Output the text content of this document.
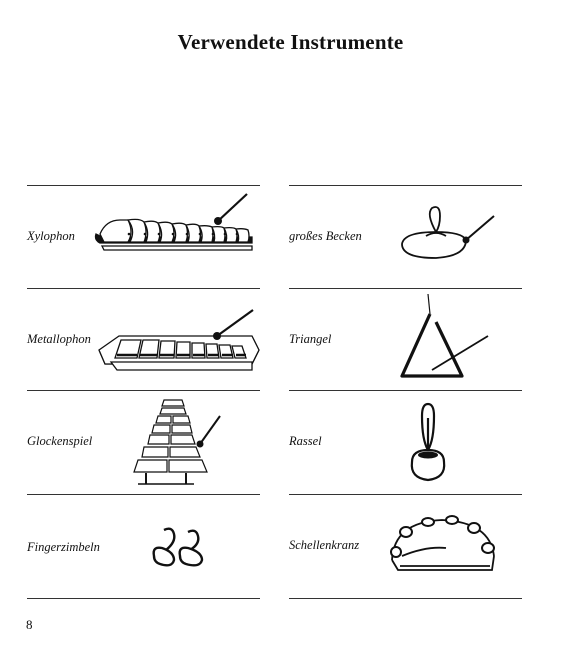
Verwendete Instrumente
Xylophon
Metallophon
Glockenspiel
Fingerzimbeln
großes Becken
Triangel
Rassel
Schellenkranz
8
